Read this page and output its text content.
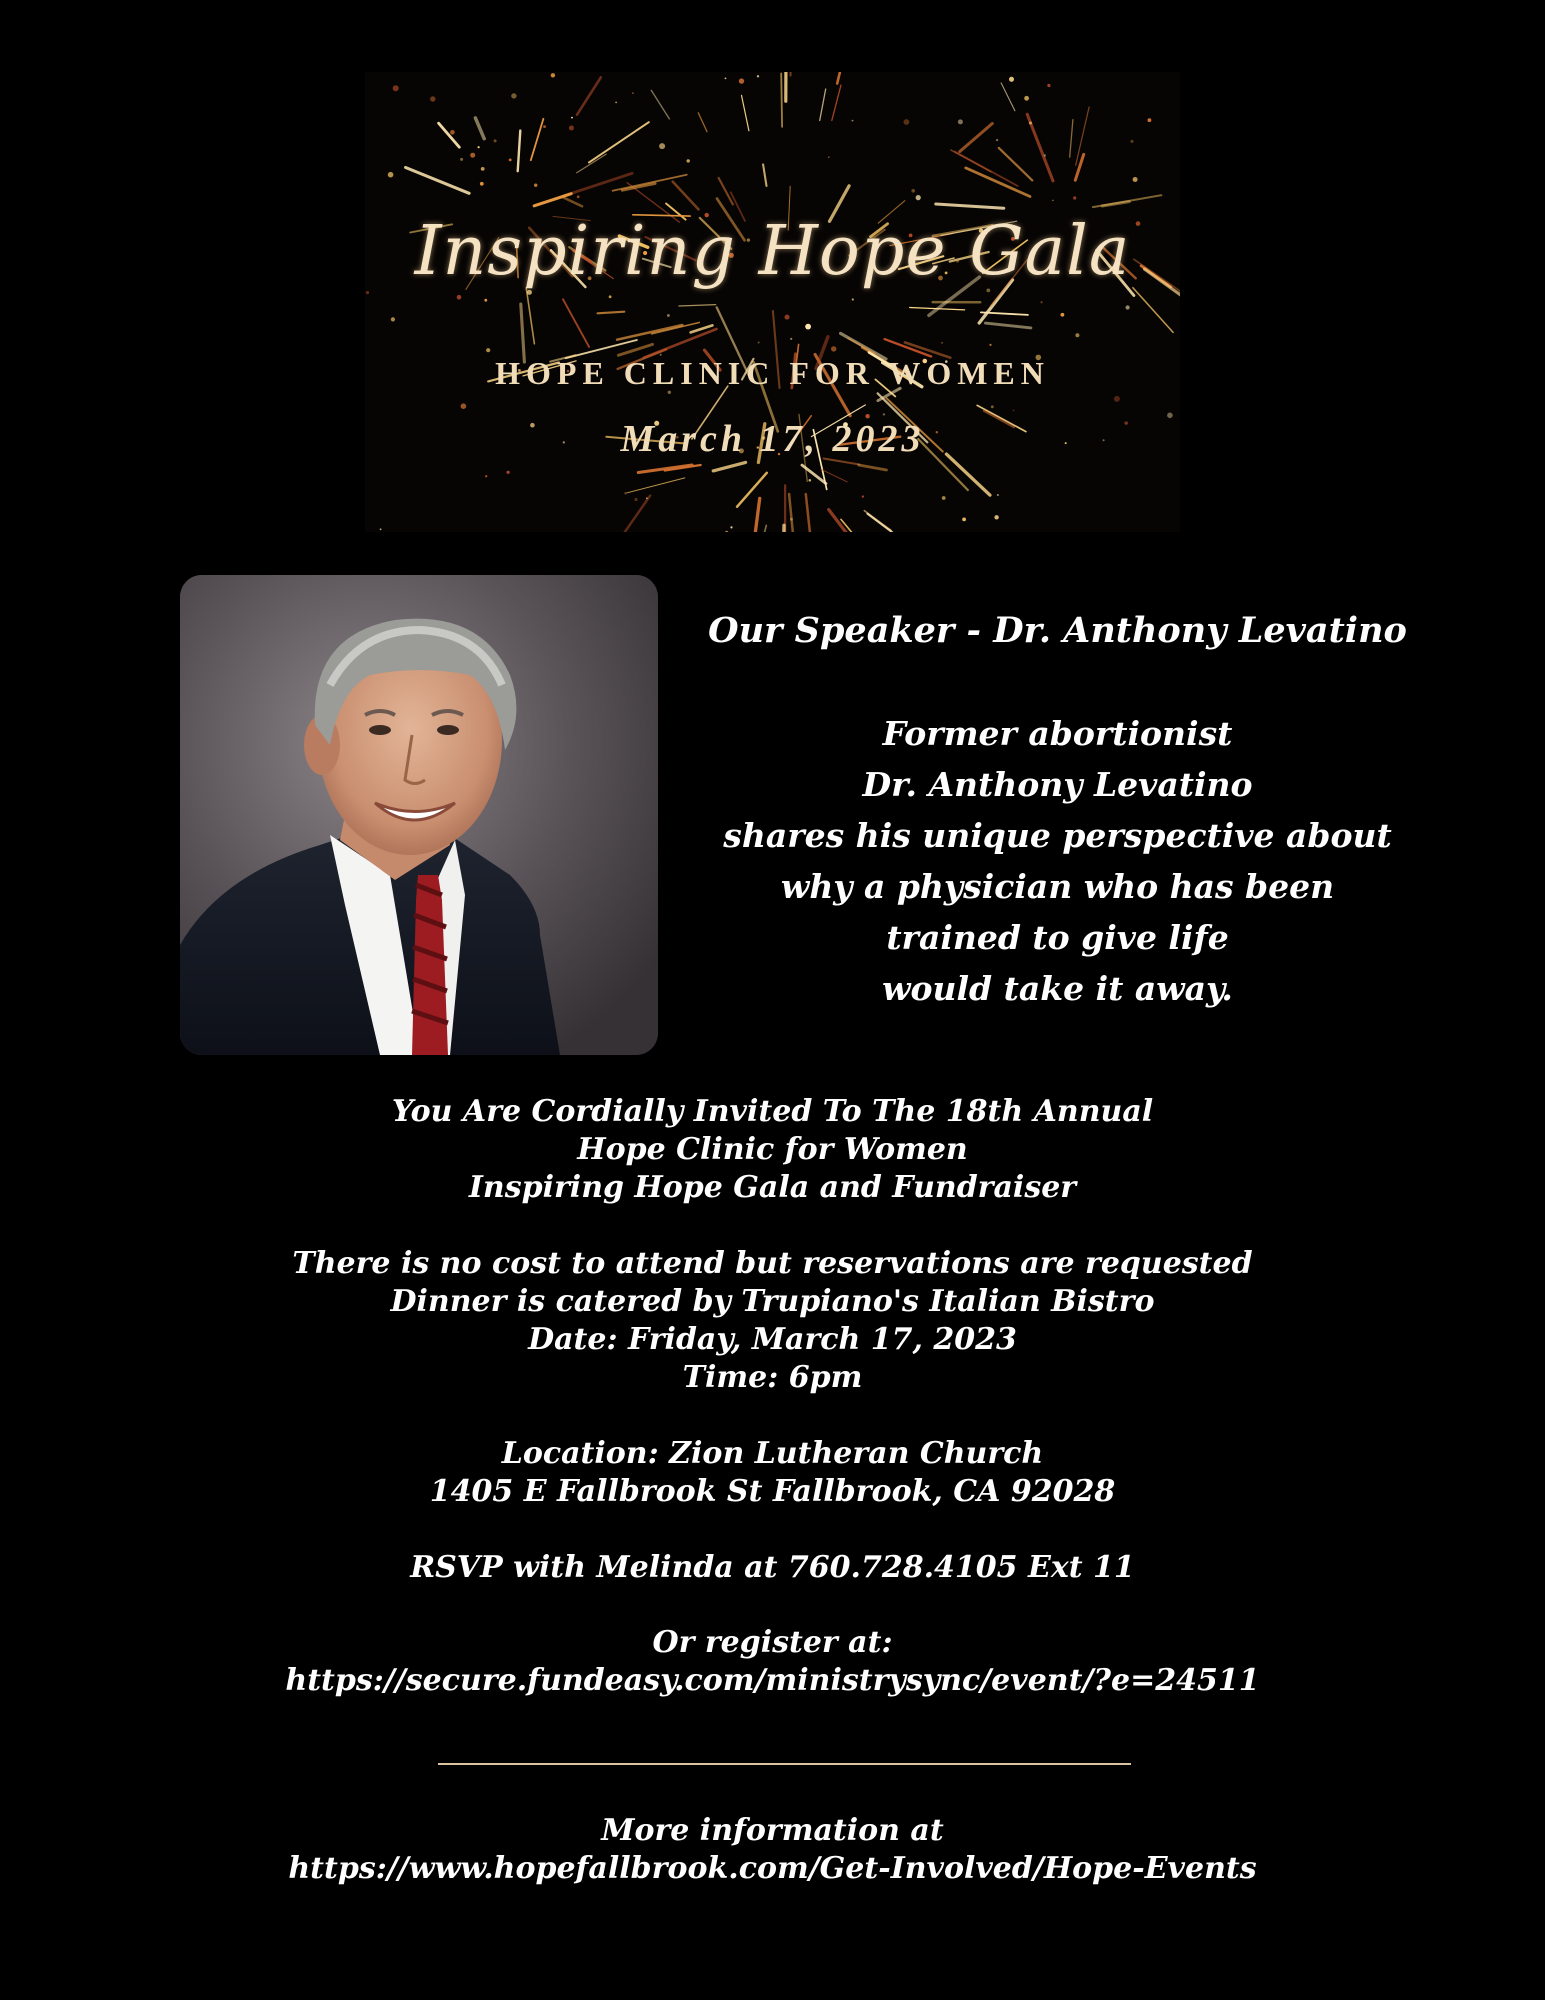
Inspiring Hope Gala
HOPE CLINIC FOR WOMEN
March 17, 2023
Our Speaker - Dr. Anthony Levatino
Former abortionist
Dr. Anthony Levatino
shares his unique perspective about
why a physician who has been
trained to give life
would take it away.
You Are Cordially Invited To The 18th Annual
Hope Clinic for Women
Inspiring Hope Gala and Fundraiser
There is no cost to attend but reservations are requested
Dinner is catered by Trupiano's Italian Bistro
Date: Friday, March 17, 2023
Time: 6pm
Location: Zion Lutheran Church
1405 E Fallbrook St Fallbrook, CA 92028
RSVP with Melinda at 760.728.4105 Ext 11
Or register at:
https://secure.fundeasy.com/ministrysync/event/?e=24511
More information at
https://www.hopefallbrook.com/Get-Involved/Hope-Events
